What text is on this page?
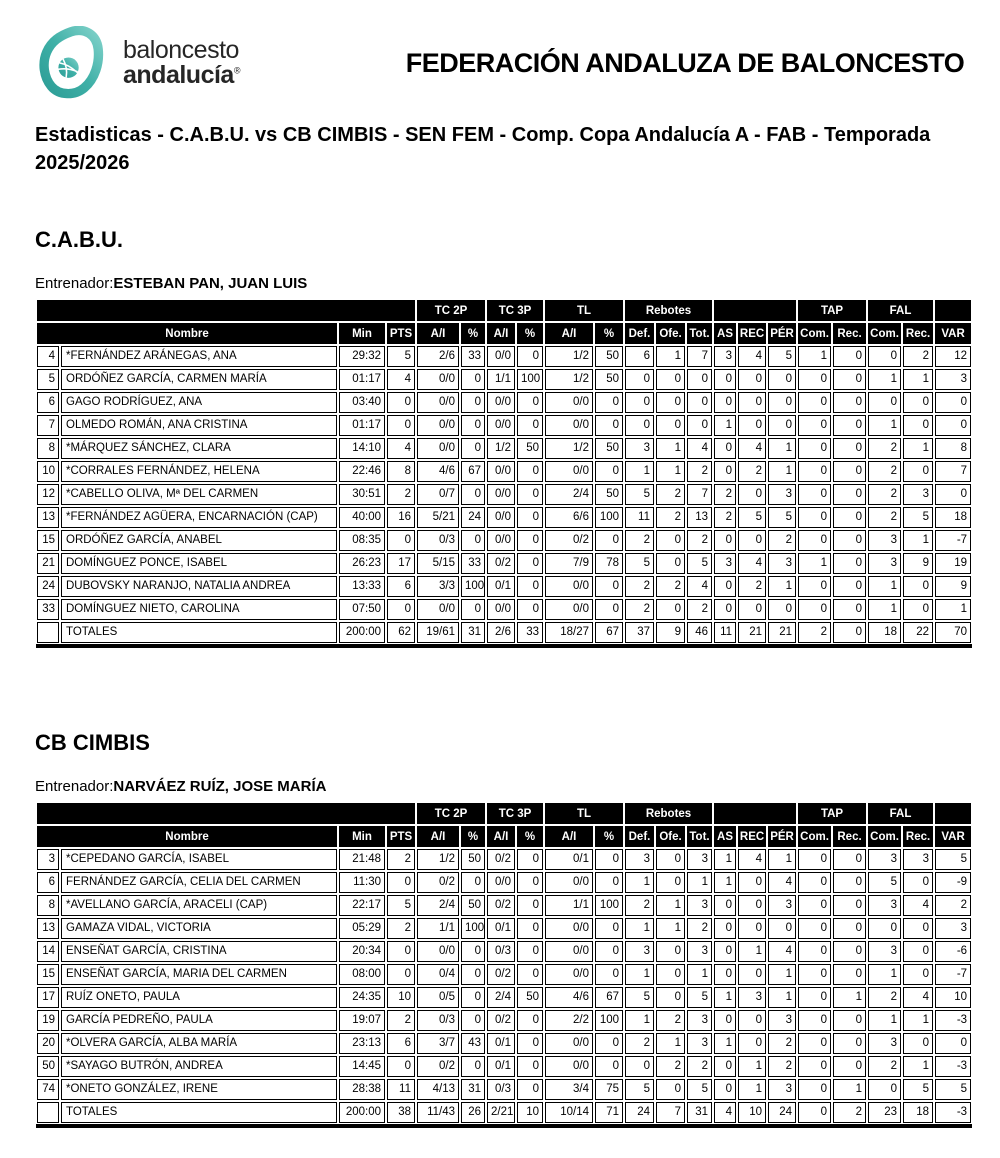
baloncesto
andalucía®	FEDERACIÓN ANDALUZA DE BALONCESTO

Estadisticas - C.A.B.U. vs CB CIMBIS - SEN FEM - Comp. Copa Andalucía A - FAB - Temporada 2025/2026

C.A.B.U.

Entrenador:ESTEBAN PAN, JUAN LUIS

				TC 2P		TC 3P		TL		Rebotes						TAP		FAL		
Nombre		Min	PTS	A/I	%	A/I	%	A/I	%	Def.	Ofe.	Tot.	AS	REC	PÉR	Com.	Rec.	Com.	Rec.	VAR
4	*FERNÁNDEZ ARÁNEGAS, ANA	29:32	5	2/6	33	0/0	0	1/2	50	6	1	7	3	4	5	1	0	0	2	12
5	ORDÓÑEZ GARCÍA, CARMEN MARÍA	01:17	4	0/0	0	1/1	100	1/2	50	0	0	0	0	0	0	0	0	1	1	3
6	GAGO RODRÍGUEZ, ANA	03:40	0	0/0	0	0/0	0	0/0	0	0	0	0	0	0	0	0	0	0	0	0
7	OLMEDO ROMÁN, ANA CRISTINA	01:17	0	0/0	0	0/0	0	0/0	0	0	0	0	1	0	0	0	0	1	0	0
8	*MÁRQUEZ SÁNCHEZ, CLARA	14:10	4	0/0	0	1/2	50	1/2	50	3	1	4	0	4	1	0	0	2	1	8
10	*CORRALES FERNÁNDEZ, HELENA	22:46	8	4/6	67	0/0	0	0/0	0	1	1	2	0	2	1	0	0	2	0	7
12	*CABELLO OLIVA, Mª DEL CARMEN	30:51	2	0/7	0	0/0	0	2/4	50	5	2	7	2	0	3	0	0	2	3	0
13	*FERNÁNDEZ AGÜERA, ENCARNACIÓN (CAP)	40:00	16	5/21	24	0/0	0	6/6	100	11	2	13	2	5	5	0	0	2	5	18
15	ORDÓÑEZ GARCÍA, ANABEL	08:35	0	0/3	0	0/0	0	0/2	0	2	0	2	0	0	2	0	0	3	1	-7
21	DOMÍNGUEZ PONCE, ISABEL	26:23	17	5/15	33	0/2	0	7/9	78	5	0	5	3	4	3	1	0	3	9	19
24	DUBOVSKY NARANJO, NATALIA ANDREA	13:33	6	3/3	100	0/1	0	0/0	0	2	2	4	0	2	1	0	0	1	0	9
33	DOMÍNGUEZ NIETO, CAROLINA	07:50	0	0/0	0	0/0	0	0/0	0	2	0	2	0	0	0	0	0	1	0	1
	TOTALES	200:00	62	19/61	31	2/6	33	18/27	67	37	9	46	11	21	21	2	0	18	22	70
CB CIMBIS

Entrenador:NARVÁEZ RUÍZ, JOSE MARÍA

				TC 2P		TC 3P		TL		Rebotes						TAP		FAL		
Nombre		Min	PTS	A/I	%	A/I	%	A/I	%	Def.	Ofe.	Tot.	AS	REC	PÉR	Com.	Rec.	Com.	Rec.	VAR
3	*CEPEDANO GARCÍA, ISABEL	21:48	2	1/2	50	0/2	0	0/1	0	3	0	3	1	4	1	0	0	3	3	5
6	FERNÁNDEZ GARCÍA, CELIA DEL CARMEN	11:30	0	0/2	0	0/0	0	0/0	0	1	0	1	1	0	4	0	0	5	0	-9
8	*AVELLANO GARCÍA, ARACELI (CAP)	22:17	5	2/4	50	0/2	0	1/1	100	2	1	3	0	0	3	0	0	3	4	2
13	GAMAZA VIDAL, VICTORIA	05:29	2	1/1	100	0/1	0	0/0	0	1	1	2	0	0	0	0	0	0	0	3
14	ENSEÑAT GARCÍA, CRISTINA	20:34	0	0/0	0	0/3	0	0/0	0	3	0	3	0	1	4	0	0	3	0	-6
15	ENSEÑAT GARCÍA, MARIA DEL CARMEN	08:00	0	0/4	0	0/2	0	0/0	0	1	0	1	0	0	1	0	0	1	0	-7
17	RUÍZ ONETO, PAULA	24:35	10	0/5	0	2/4	50	4/6	67	5	0	5	1	3	1	0	1	2	4	10
19	GARCÍA PEDREÑO, PAULA	19:07	2	0/3	0	0/2	0	2/2	100	1	2	3	0	0	3	0	0	1	1	-3
20	*OLVERA GARCÍA, ALBA MARÍA	23:13	6	3/7	43	0/1	0	0/0	0	2	1	3	1	0	2	0	0	3	0	0
50	*SAYAGO BUTRÓN, ANDREA	14:45	0	0/2	0	0/1	0	0/0	0	0	2	2	0	1	2	0	0	2	1	-3
74	*ONETO GONZÁLEZ, IRENE	28:38	11	4/13	31	0/3	0	3/4	75	5	0	5	0	1	3	0	1	0	5	5
	TOTALES	200:00	38	11/43	26	2/21	10	10/14	71	24	7	31	4	10	24	0	2	23	18	-3
